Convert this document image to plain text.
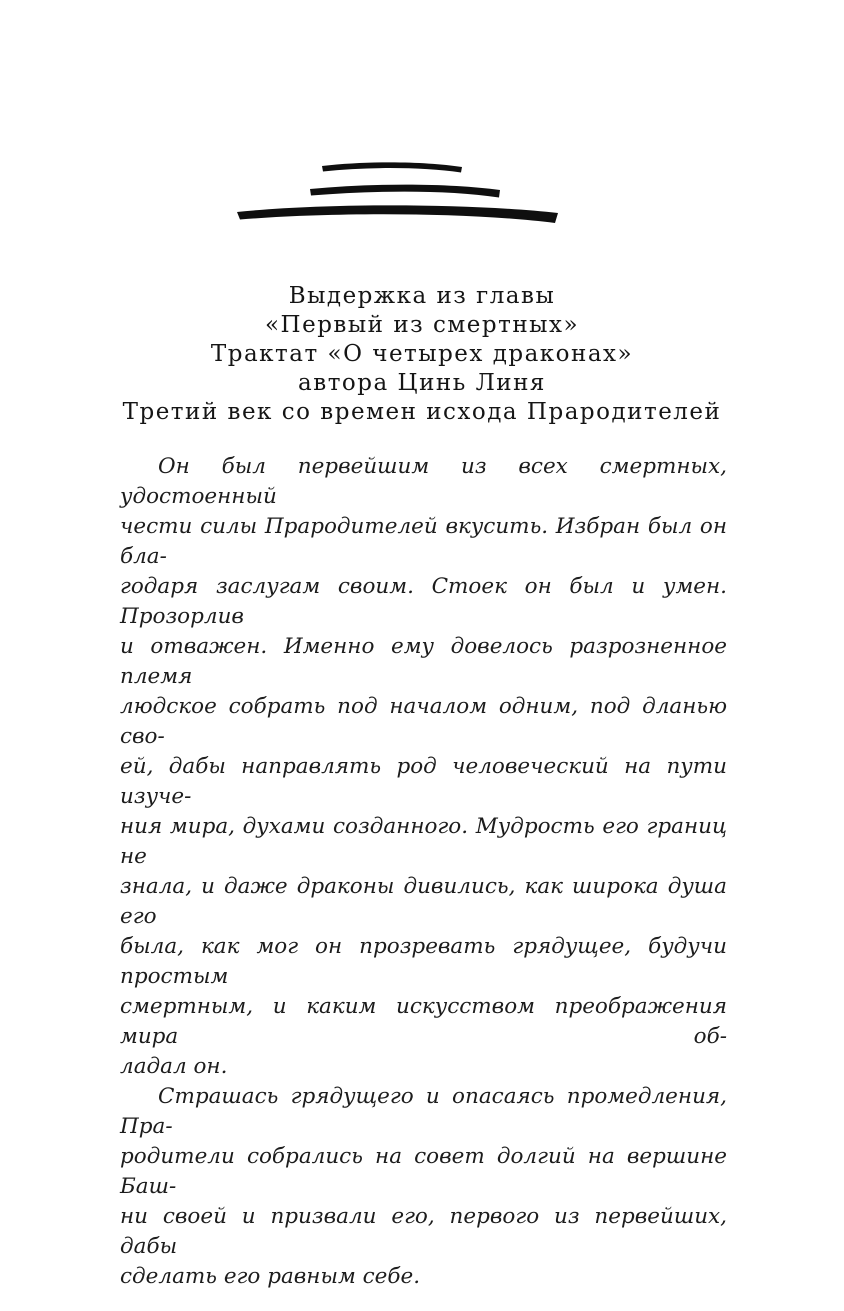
Выдержка из главы
«Первый из смертных»
Трактат «О четырех драконах»
автора Цинь Линя
Третий век со времен исхода Прародителей
Он был первейшим из всех смертных, удостоенный
чести силы Прародителей вкусить. Избран был он бла-
годаря заслугам своим. Стоек он был и умен. Прозорлив
и отважен. Именно ему довелось разрозненное племя
людское собрать под началом одним, под дланью сво-
ей, дабы направлять род человеческий на пути изуче-
ния мира, духами созданного. Мудрость его границ не
знала, и даже драконы дивились, как широка душа его
была, как мог он прозревать грядущее, будучи простым
смертным, и каким искусством преображения мира об-
ладал он.
Страшась грядущего и опасаясь промедления, Пра-
родители собрались на совет долгий на вершине Баш-
ни своей и призвали его, первого из первейших, дабы
сделать его равным себе.
